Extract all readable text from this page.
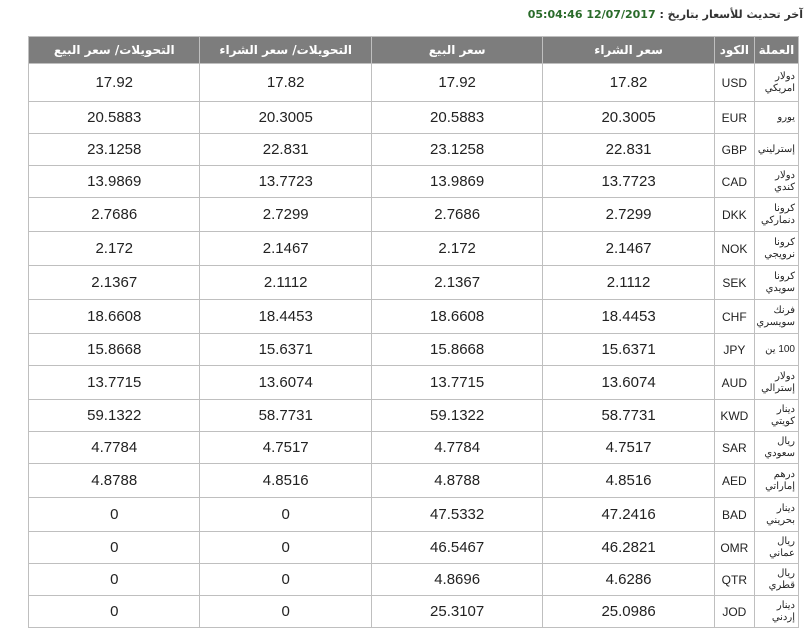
آخر تحديث للأسعار بتاريخ : 12/07/2017 05:04:46
العملة	الكود	سعر الشراء	سعر البيع	التحويلات/ سعر الشراء	التحويلات/ سعر البيع
دولار امريكي	USD	17.82	17.92	17.82	17.92
يورو	EUR	20.3005	20.5883	20.3005	20.5883
إسترليني	GBP	22.831	23.1258	22.831	23.1258
دولار كندي	CAD	13.7723	13.9869	13.7723	13.9869
كرونا دنماركي	DKK	2.7299	2.7686	2.7299	2.7686
كرونا نرويجي	NOK	2.1467	2.172	2.1467	2.172
كرونا سويدي	SEK	2.1112	2.1367	2.1112	2.1367
فرنك سويسري	CHF	18.4453	18.6608	18.4453	18.6608
100 ين	JPY	15.6371	15.8668	15.6371	15.8668
دولار إسترالي	AUD	13.6074	13.7715	13.6074	13.7715
دينار كويتي	KWD	58.7731	59.1322	58.7731	59.1322
ريال سعودي	SAR	4.7517	4.7784	4.7517	4.7784
درهم إماراتي	AED	4.8516	4.8788	4.8516	4.8788
دينار بحريني	BAD	47.2416	47.5332	0	0
ريال عماني	OMR	46.2821	46.5467	0	0
ريال قطري	QTR	4.6286	4.8696	0	0
دينار إردني	JOD	25.0986	25.3107	0	0
